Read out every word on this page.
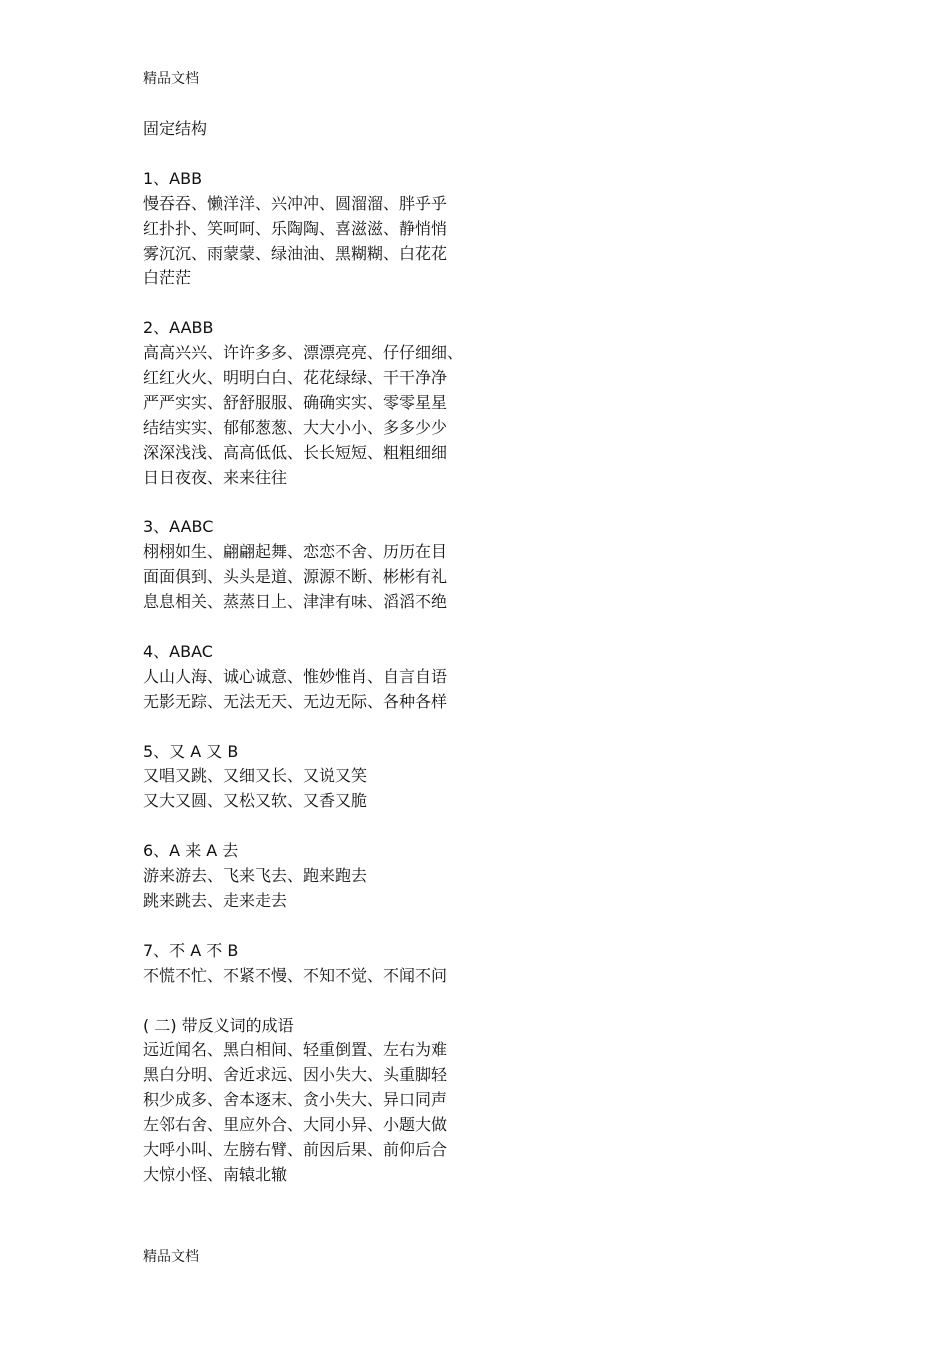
精品文档
固定结构
1、ABB
慢吞吞、懒洋洋、兴冲冲、圆溜溜、胖乎乎
红扑扑、笑呵呵、乐陶陶、喜滋滋、静悄悄
雾沉沉、雨蒙蒙、绿油油、黑糊糊、白花花
白茫茫
2、AABB
高高兴兴、许许多多、漂漂亮亮、仔仔细细、
红红火火、明明白白、花花绿绿、干干净净
严严实实、舒舒服服、确确实实、零零星星
结结实实、郁郁葱葱、大大小小、多多少少
深深浅浅、高高低低、长长短短、粗粗细细
日日夜夜、来来往往
3、AABC
栩栩如生、翩翩起舞、恋恋不舍、历历在目
面面俱到、头头是道、源源不断、彬彬有礼
息息相关、蒸蒸日上、津津有味、滔滔不绝
4、ABAC
人山人海、诚心诚意、惟妙惟肖、自言自语
无影无踪、无法无天、无边无际、各种各样
5、又 A 又 B
又唱又跳、又细又长、又说又笑
又大又圆、又松又软、又香又脆
6、A 来 A 去
游来游去、飞来飞去、跑来跑去
跳来跳去、走来走去
7、不 A 不 B
不慌不忙、不紧不慢、不知不觉、不闻不问
( 二) 带反义词的成语
远近闻名、黑白相间、轻重倒置、左右为难
黑白分明、舍近求远、因小失大、头重脚轻
积少成多、舍本逐末、贪小失大、异口同声
左邻右舍、里应外合、大同小异、小题大做
大呼小叫、左膀右臂、前因后果、前仰后合
大惊小怪、南辕北辙
精品文档
